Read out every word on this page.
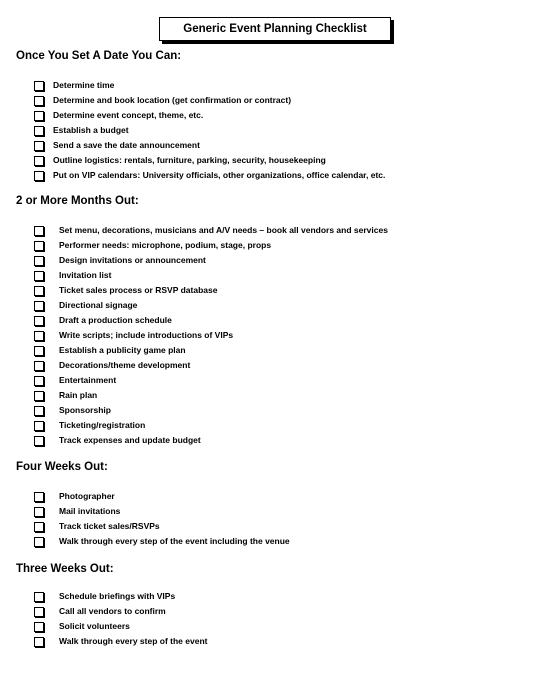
Generic Event Planning Checklist
Once You Set A Date You Can:
Determine time
Determine and book location (get confirmation or contract)
Determine event concept, theme, etc.
Establish a budget
Send a save the date announcement
Outline logistics: rentals, furniture, parking, security, housekeeping
Put on VIP calendars: University officials, other organizations, office calendar, etc.
2 or More Months Out:
Set menu, decorations, musicians and A/V needs – book all vendors and services
Performer needs: microphone, podium, stage, props
Design invitations or announcement
Invitation list
Ticket sales process or RSVP database
Directional signage
Draft a production schedule
Write scripts; include introductions of VIPs
Establish a publicity game plan
Decorations/theme development
Entertainment
Rain plan
Sponsorship
Ticketing/registration
Track expenses and update budget
Four Weeks Out:
Photographer
Mail invitations
Track ticket sales/RSVPs
Walk through every step of the event including the venue
Three Weeks Out:
Schedule briefings with VIPs
Call all vendors to confirm
Solicit volunteers
Walk through every step of the event
